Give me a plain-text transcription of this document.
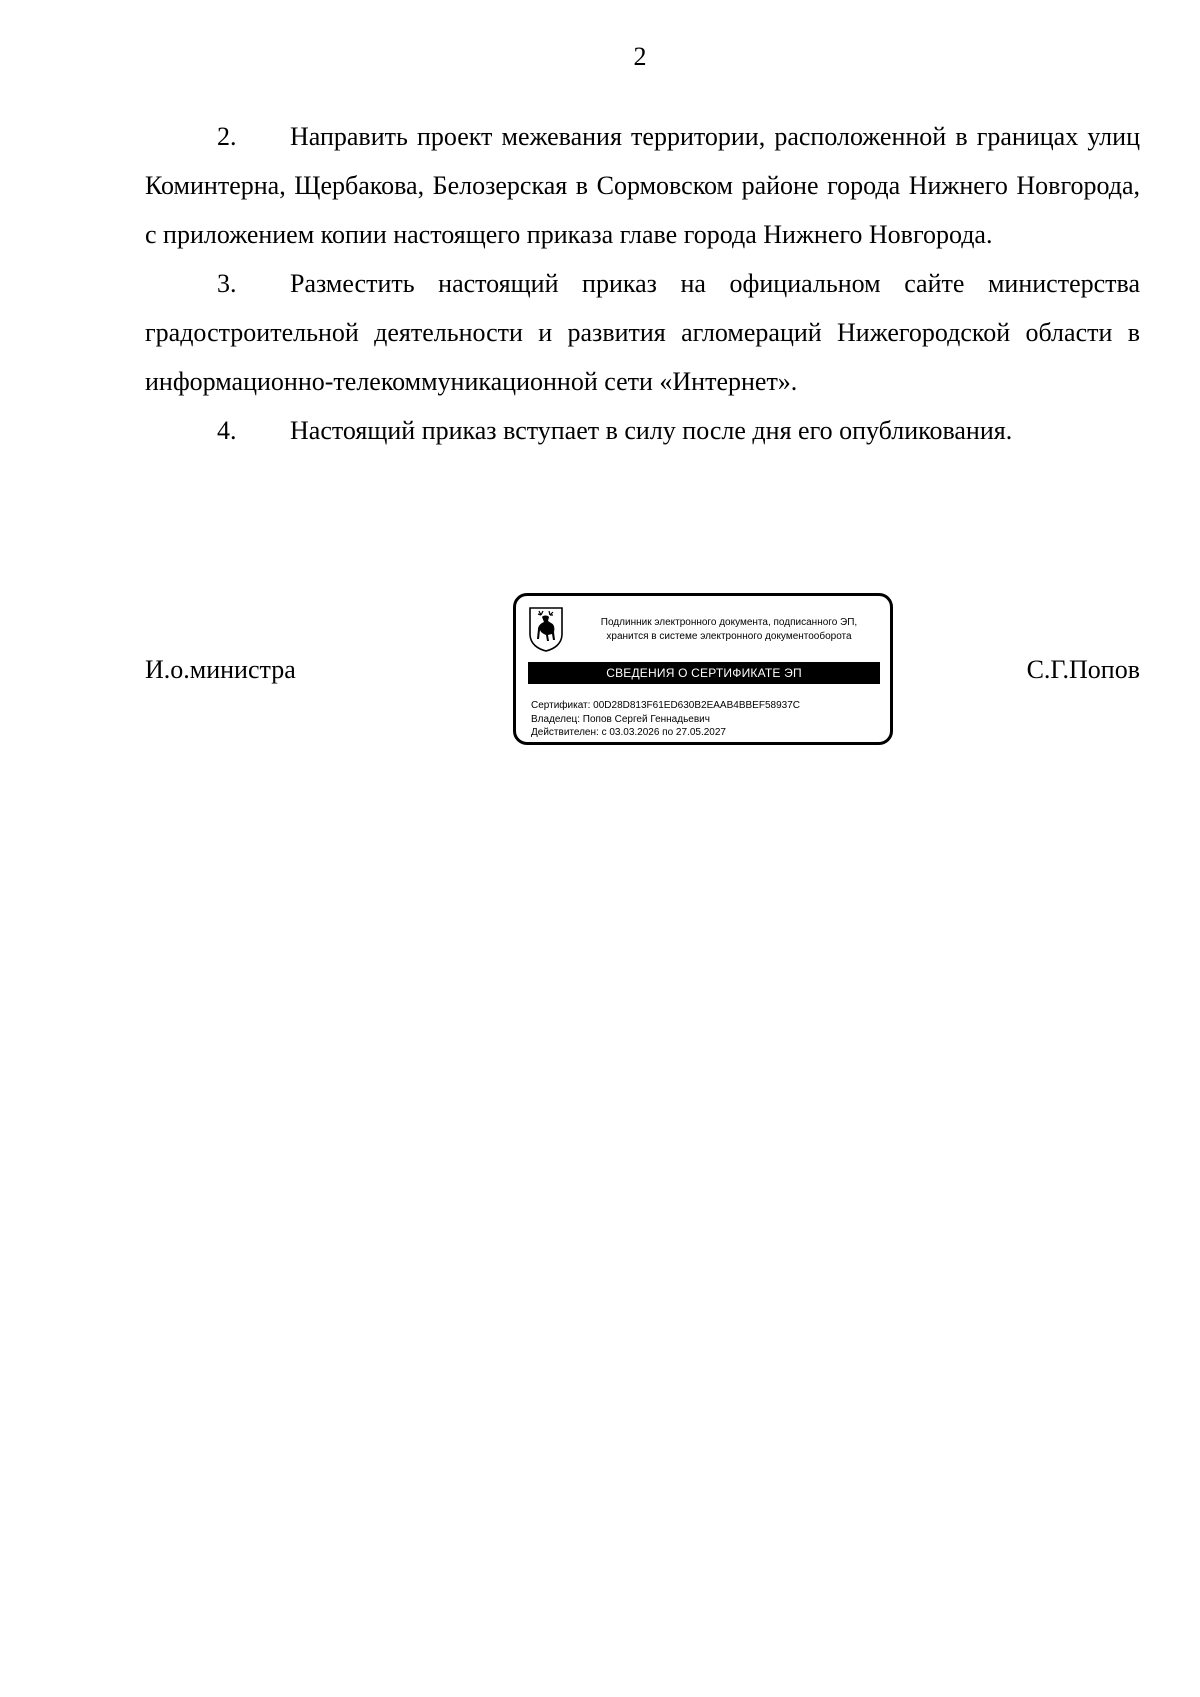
2

2. Направить проект межевания территории, расположенной в границах улиц Коминтерна, Щербакова, Белозерская в Сормовском районе города Нижнего Новгорода, с приложением копии настоящего приказа главе города Нижнего Новгорода.

3. Разместить настоящий приказ на официальном сайте министерства градостроительной деятельности и развития агломераций Нижегородской области в информационно-телекоммуникационной сети «Интернет».

4. Настоящий приказ вступает в силу после дня его опубликования.

И.о.министра
Подлинник электронного документа, подписанного ЭП,
хранится в системе электронного документооборота
СВЕДЕНИЯ О СЕРТИФИКАТЕ ЭП
Сертификат: 00D28D813F61ED630B2EAAB4BBEF58937C
Владелец: Попов Сергей Геннадьевич
Действителен: с 03.03.2026 по 27.05.2027
С.Г.Попов
